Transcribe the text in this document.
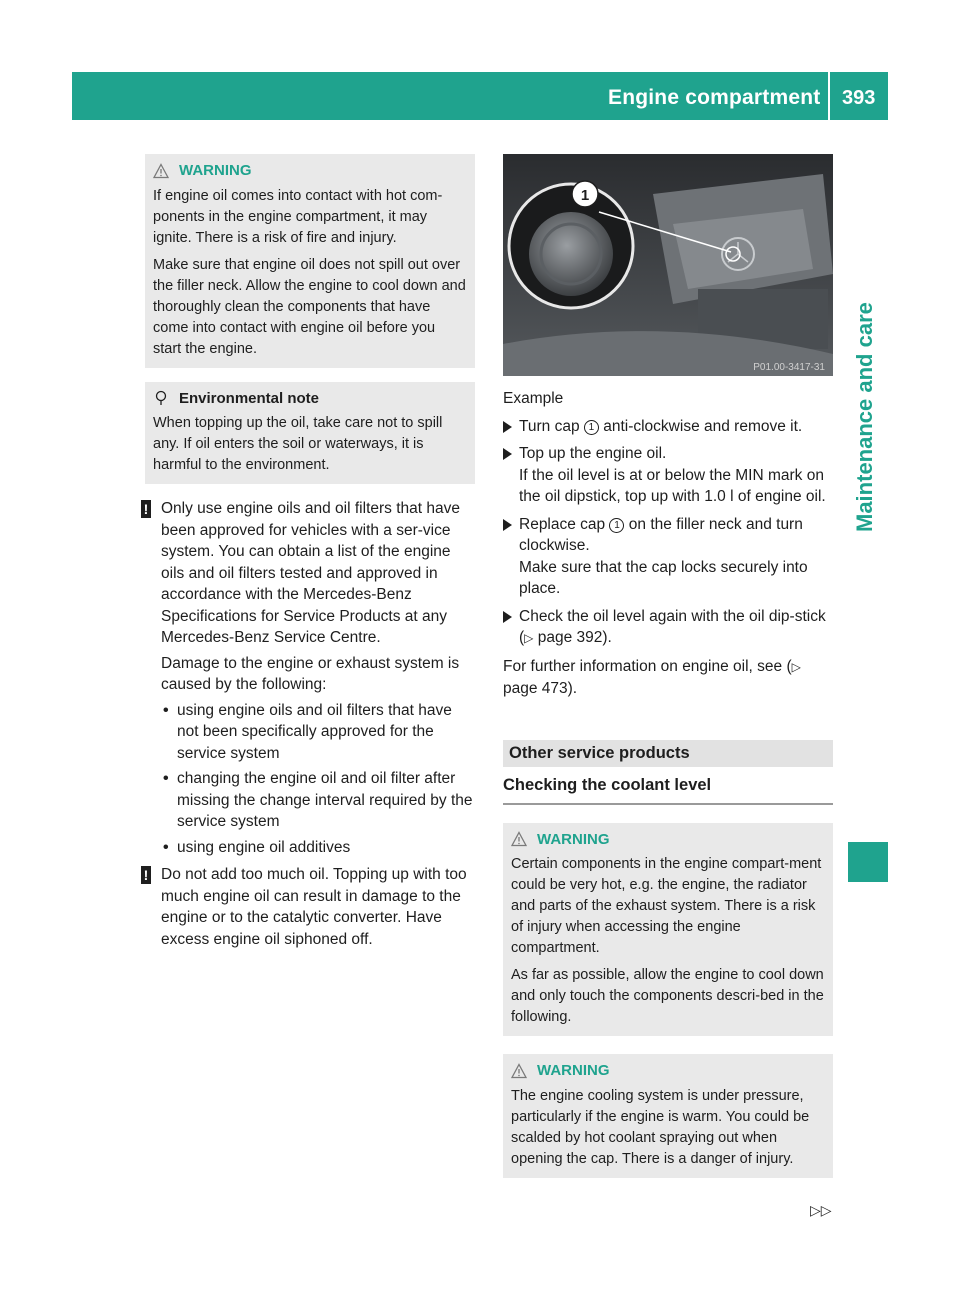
Engine compartment 393
Maintenance and care
WARNING

If engine oil comes into contact with hot com-ponents in the engine compartment, it may ignite. There is a risk of fire and injury.

Make sure that engine oil does not spill out over the filler neck. Allow the engine to cool down and thoroughly clean the components that have come into contact with engine oil before you start the engine.

Environmental note

When topping up the oil, take care not to spill any. If oil enters the soil or waterways, it is harmful to the environment.

! Only use engine oils and oil filters that have been approved for vehicles with a ser-vice system. You can obtain a list of the engine oils and oil filters tested and approved in accordance with the Mercedes-Benz Specifications for Service Products at any Mercedes-Benz Service Centre.

Damage to the engine or exhaust system is caused by the following:

• using engine oils and oil filters that have not been specifically approved for the service system
• changing the engine oil and oil filter after missing the change interval required by the service system
• using engine oil additives
! Do not add too much oil. Topping up with too much engine oil can result in damage to the engine or to the catalytic converter. Have excess engine oil siphoned off.

1
P01.00-3417-31

Example

Turn cap 1 anti-clockwise and remove it.

Top up the engine oil.

If the oil level is at or below the MIN mark on the oil dipstick, top up with 1.0 l of engine oil.

Replace cap 1 on the filler neck and turn clockwise.

Make sure that the cap locks securely into place.

Check the oil level again with the oil dip-stick (▷ page 392).

For further information on engine oil, see (▷ page 473).

Other service products
Checking the coolant level
WARNING

Certain components in the engine compart-ment could be very hot, e.g. the engine, the radiator and parts of the exhaust system. There is a risk of injury when accessing the engine compartment.

As far as possible, allow the engine to cool down and only touch the components descri-bed in the following.

WARNING

The engine cooling system is under pressure, particularly if the engine is warm. You could be scalded by hot coolant spraying out when opening the cap. There is a danger of injury.

▷▷
